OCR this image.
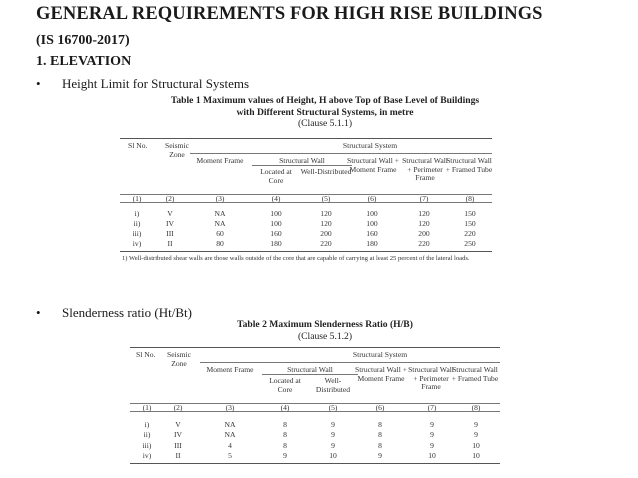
GENERAL REQUIREMENTS FOR HIGH RISE BUILDINGS
(IS 16700-2017)
1. ELEVATION
• Height Limit for Structural Systems
• Slenderness ratio (Ht/Bt)
Table 1 Maximum values of Height, H above Top of Base Level of Buildings
with Different Structural Systems, in metre
(Clause 5.1.1)
Sl No.	Seismic Zone
Structural System
Moment Frame	Structural Wall
Located at Core
Well-Distributed
Structural Wall + Moment Frame
Structural Wall + Perimeter Frame
Structural Wall + Framed Tube
(1)	(2)	(3)	(4)	(5)	(6)	(7)	(8)
i)	V	NA	100	120	100	120	150
ii)	IV	NA	100	120	100	120	150
iii)	III	60	160	200	160	200	220
iv)	II	80	180	220	180	220	250
1) Well-distributed shear walls are those walls outside of the core that are capable of carrying at least 25 percent of the lateral loads.
Table 2 Maximum Slenderness Ratio (H/B)
(Clause 5.1.2)
Sl No.	Seismic Zone
Structural System
Moment Frame	Structural Wall
Located at Core
Well-Distributed
Structural Wall + Moment Frame
Structural Wall + Perimeter Frame
Structural Wall + Framed Tube
(1)	(2)	(3)	(4)	(5)	(6)	(7)	(8)
i)	V	NA	8	9	8	9	9
ii)	IV	NA	8	9	8	9	9
iii)	III	4	8	9	8	9	10
iv)	II	5	9	10	9	10	10
